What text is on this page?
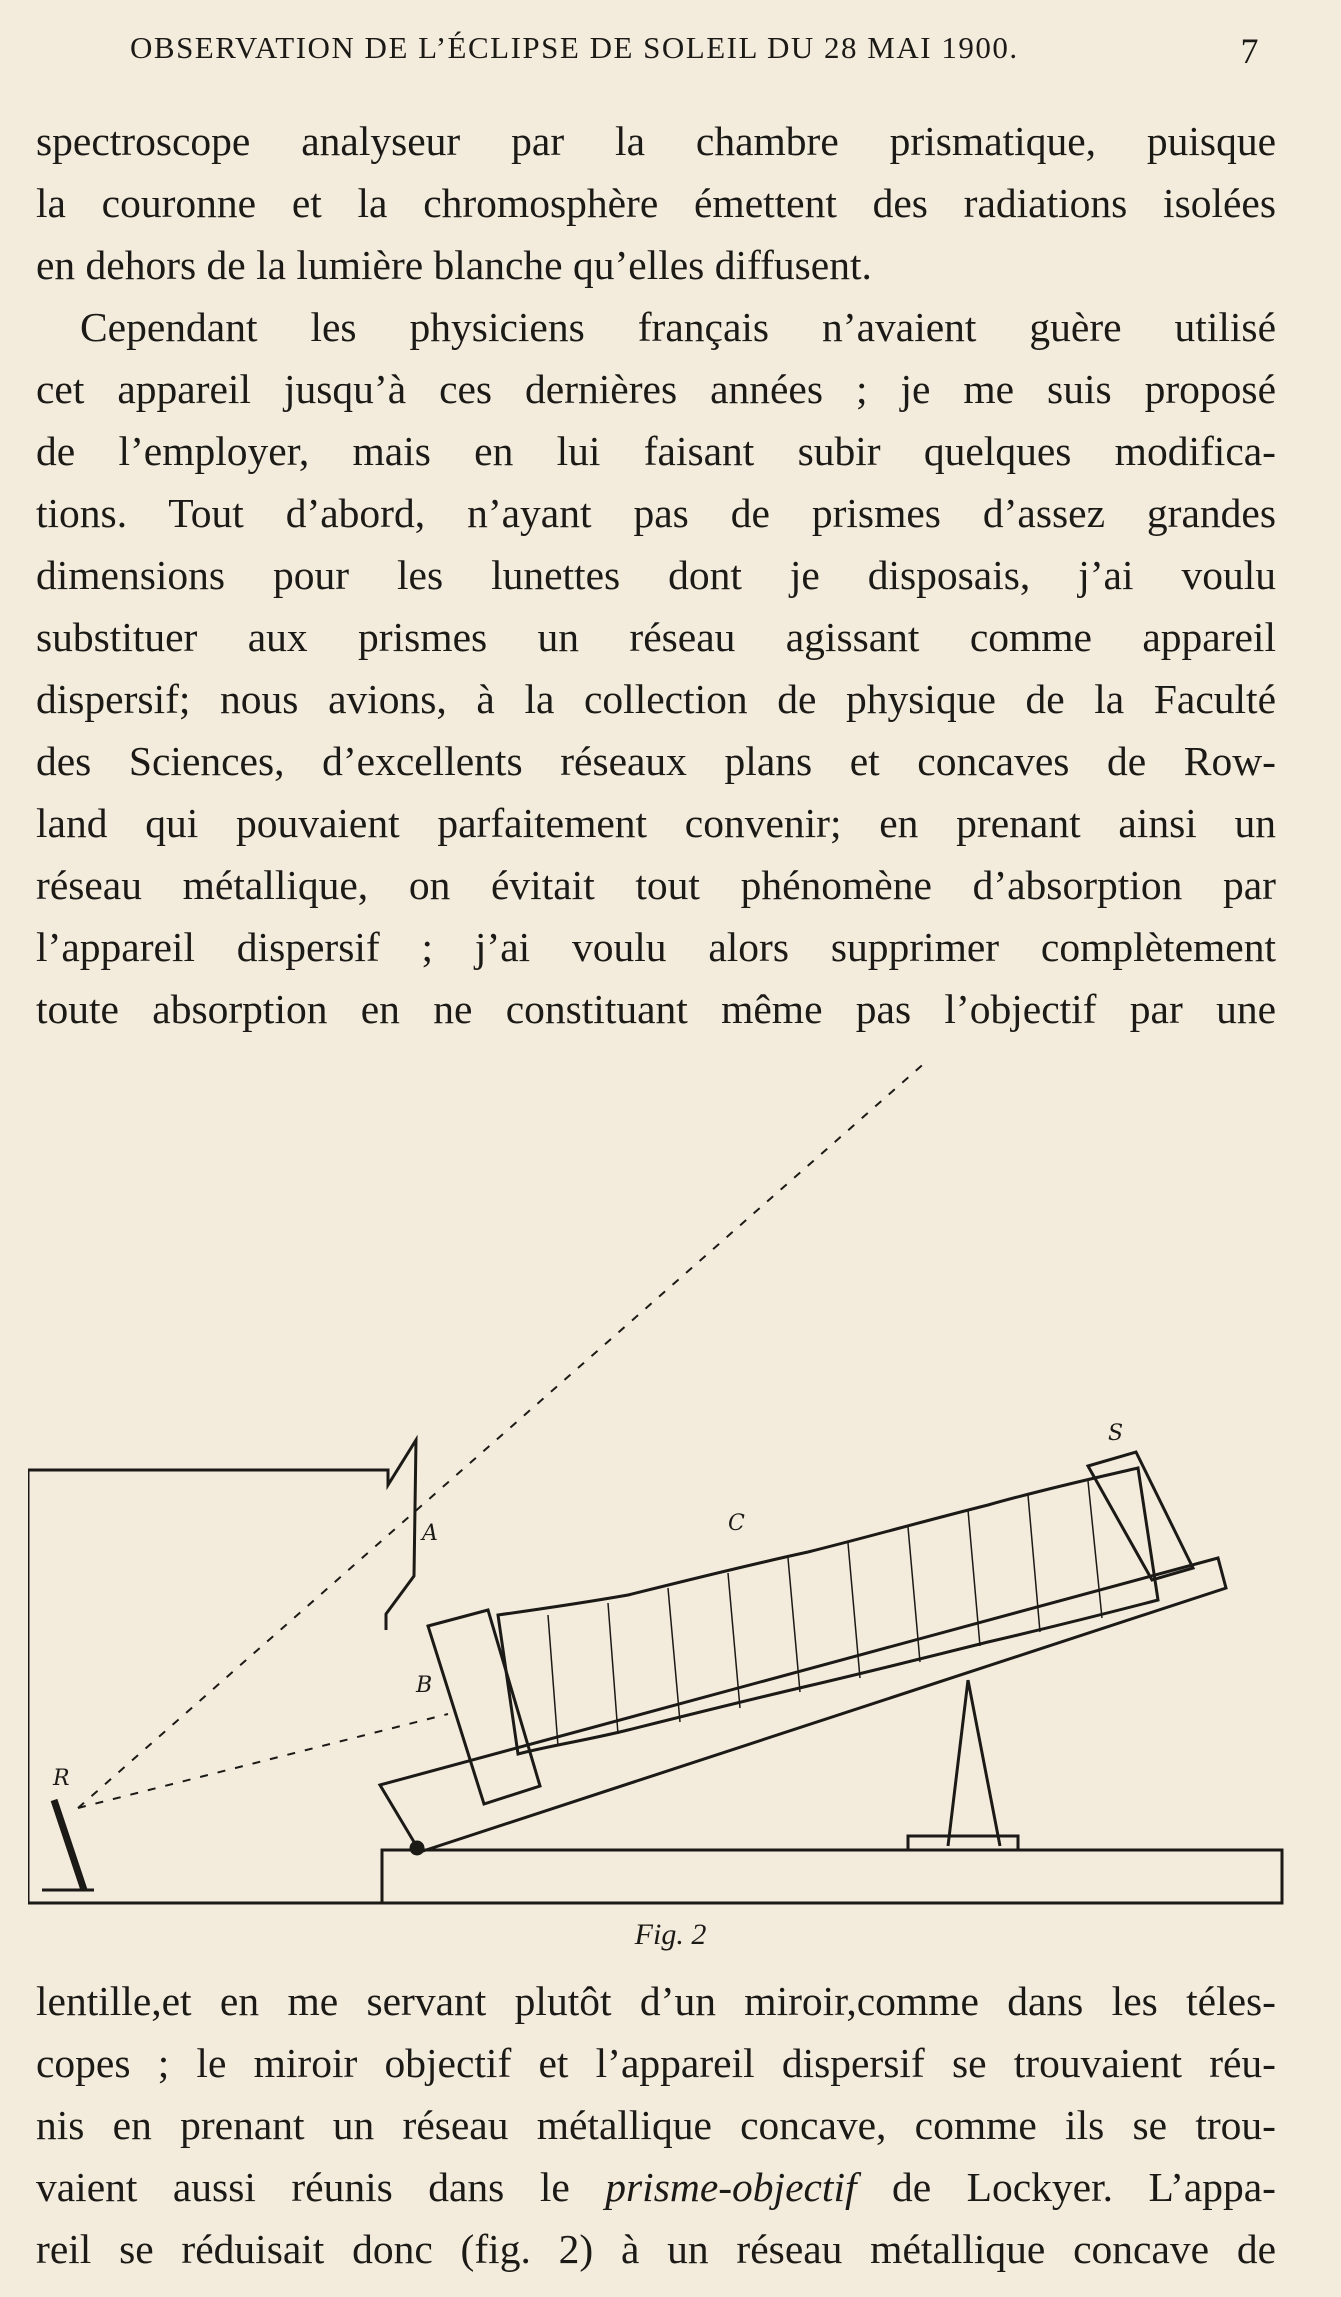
OBSERVATION DE L’ÉCLIPSE DE SOLEIL DU 28 MAI 1900.	7

spectroscope analyseur par la chambre prismatique, puisque

la couronne et la chromosphère émettent des radiations isolées

en dehors de la lumière blanche qu’elles diffusent.

Cependant les physiciens français n’avaient guère utilisé

cet appareil jusqu’à ces dernières années ; je me suis proposé

de l’employer, mais en lui faisant subir quelques modifica-

tions. Tout d’abord, n’ayant pas de prismes d’assez grandes

dimensions pour les lunettes dont je disposais, j’ai voulu

substituer aux prismes un réseau agissant comme appareil

dispersif; nous avions, à la collection de physique de la Faculté

des Sciences, d’excellents réseaux plans et concaves de Row-

land qui pouvaient parfaitement convenir; en prenant ainsi un

réseau métallique, on évitait tout phénomène d’absorption par

l’appareil dispersif ; j’ai voulu alors supprimer complètement

toute absorption en ne constituant même pas l’objectif par une

A
B
C
R
S
Fig. 2

lentille,et en me servant plutôt d’un miroir,comme dans les téles-

copes ; le miroir objectif et l’appareil dispersif se trouvaient réu-

nis en prenant un réseau métallique concave, comme ils se trou-

vaient aussi réunis dans le prisme-objectif de Lockyer. L’appa-

reil se réduisait donc (fig. 2) à un réseau métallique concave de
